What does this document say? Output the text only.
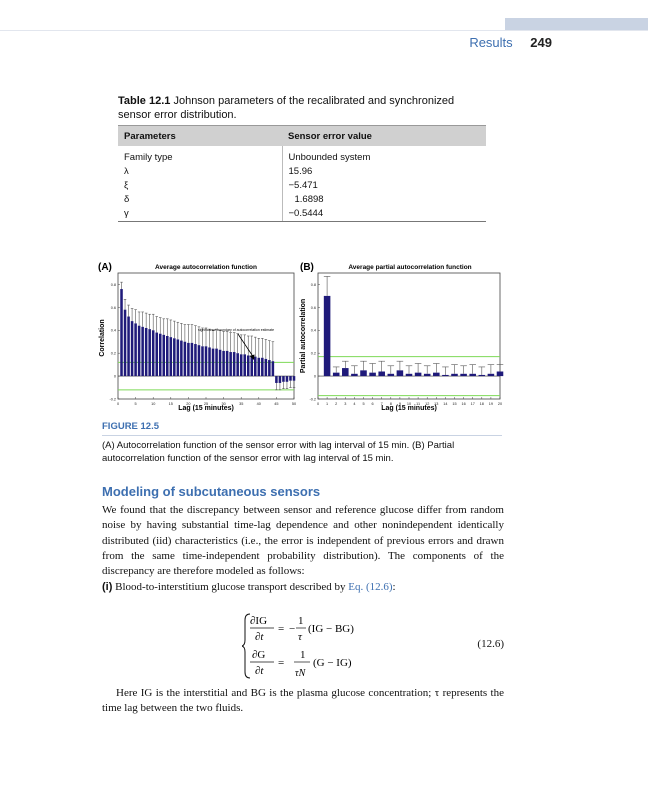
Results 249
Table 12.1 Johnson parameters of the recalibrated and synchronized sensor error distribution.
Parameters	Sensor error value
Family type	Unbounded system
λ	15.96
ξ	−5.471
δ	1.6898
γ	−0.5444
(A)	Average autocorrelation function
0	5	10	15	20	25	30	35	40	45	50
-0.2
0
0.2
0.4
0.6
0.8
Correlation
Lag (15 minutes)
significance boundary of autocorrelation estimate
(B)	Average partial autocorrelation function
0 1 2 3 4 5 6 7 8 9 10 11 12 13 14 15 16 17 18 19 20
-0.2
0
0.2
0.4
0.6
0.8
Partial autocorrelation
Lag (15 minutes)
FIGURE 12.5
(A) Autocorrelation function of the sensor error with lag interval of 15 min. (B) Partial autocorrelation function of the sensor error with lag interval of 15 min.
Modeling of subcutaneous sensors
We found that the discrepancy between sensor and reference glucose differ from random noise by having substantial time-lag dependence and other nonindependent identically distributed (iid) characteristics (i.e., the error is independent of previous errors and drawn from the same time-independent probability distribution). The components of the discrepancy are therefore modeled as follows:
(i) Blood-to-interstitium glucose transport described by Eq. (12.6):
∂IG
∂t
= −
1
τ
(IG − BG)
∂G
∂t
=
1
τN
(G − IG)
(12.6)
Here IG is the interstitial and BG is the plasma glucose concentration; τ represents the time lag between the two fluids.
